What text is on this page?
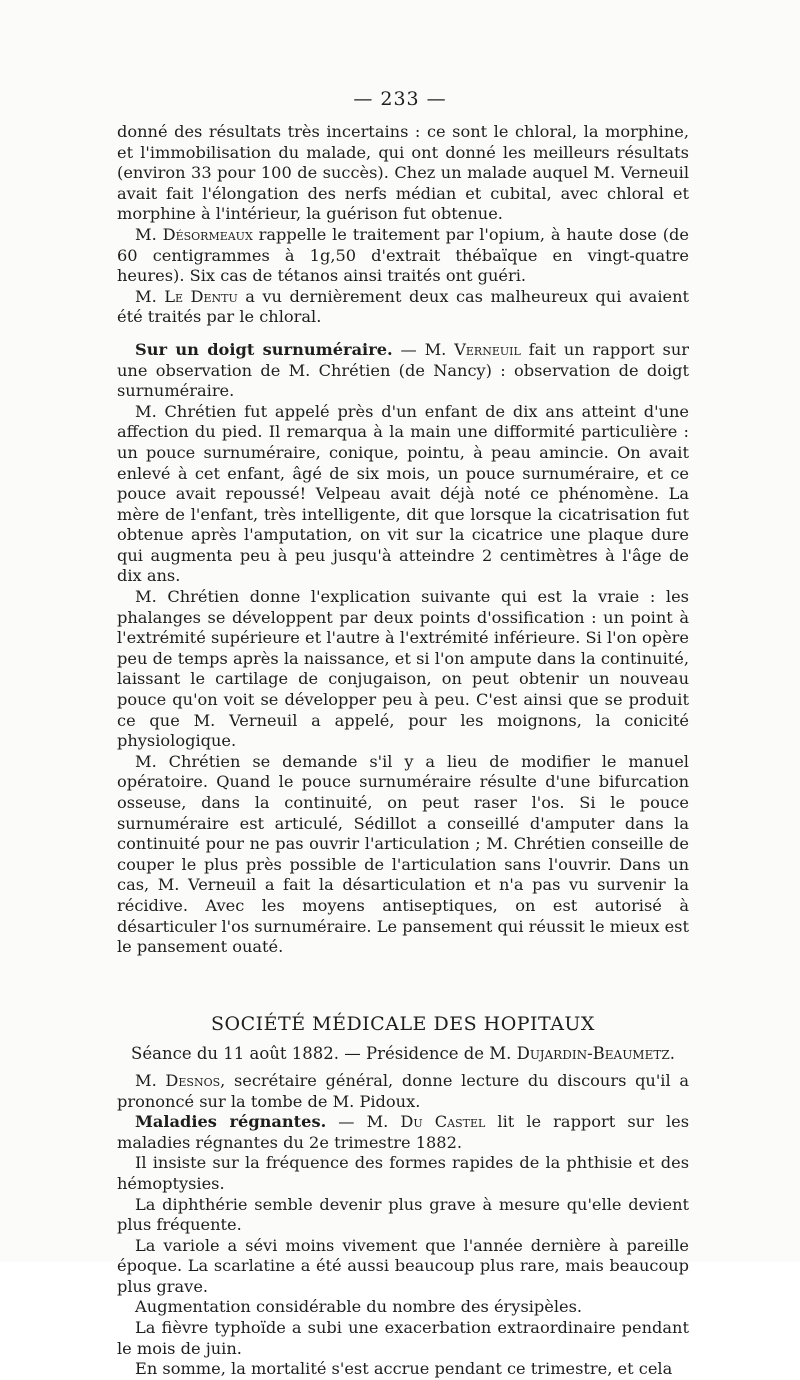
— 233 —

donné des résultats très incertains : ce sont le chloral, la morphine, et l'immobilisation du malade, qui ont donné les meilleurs résultats (environ 33 pour 100 de succès). Chez un malade auquel M. Verneuil avait fait l'élongation des nerfs médian et cubital, avec chloral et morphine à l'intérieur, la guérison fut obtenue.

M. Désormeaux rappelle le traitement par l'opium, à haute dose (de 60 centigrammes à 1g,50 d'extrait thébaïque en vingt-quatre heures). Six cas de tétanos ainsi traités ont guéri.

M. Le Dentu a vu dernièrement deux cas malheureux qui avaient été traités par le chloral.

Sur un doigt surnuméraire. — M. Verneuil fait un rapport sur une observation de M. Chrétien (de Nancy) : observation de doigt surnuméraire.

M. Chrétien fut appelé près d'un enfant de dix ans atteint d'une affection du pied. Il remarqua à la main une difformité particulière : un pouce surnuméraire, conique, pointu, à peau amincie. On avait enlevé à cet enfant, âgé de six mois, un pouce surnuméraire, et ce pouce avait repoussé! Velpeau avait déjà noté ce phénomène. La mère de l'enfant, très intelligente, dit que lorsque la cicatrisation fut obtenue après l'amputation, on vit sur la cicatrice une plaque dure qui augmenta peu à peu jusqu'à atteindre 2 centimètres à l'âge de dix ans.

M. Chrétien donne l'explication suivante qui est la vraie : les phalanges se développent par deux points d'ossification : un point à l'extrémité supérieure et l'autre à l'extrémité inférieure. Si l'on opère peu de temps après la naissance, et si l'on ampute dans la continuité, laissant le cartilage de conjugaison, on peut obtenir un nouveau pouce qu'on voit se développer peu à peu. C'est ainsi que se produit ce que M. Verneuil a appelé, pour les moignons, la conicité physiologique.

M. Chrétien se demande s'il y a lieu de modifier le manuel opératoire. Quand le pouce surnuméraire résulte d'une bifurcation osseuse, dans la continuité, on peut raser l'os. Si le pouce surnuméraire est articulé, Sédillot a conseillé d'amputer dans la continuité pour ne pas ouvrir l'articulation ; M. Chrétien conseille de couper le plus près possible de l'articulation sans l'ouvrir. Dans un cas, M. Verneuil a fait la désarticulation et n'a pas vu survenir la récidive. Avec les moyens antiseptiques, on est autorisé à désarticuler l'os surnuméraire. Le pansement qui réussit le mieux est le pansement ouaté.

SOCIÉTÉ MÉDICALE DES HOPITAUX
Séance du 11 août 1882. — Présidence de M. Dujardin-Beaumetz.

M. Desnos, secrétaire général, donne lecture du discours qu'il a prononcé sur la tombe de M. Pidoux.

Maladies régnantes. — M. Du Castel lit le rapport sur les maladies régnantes du 2e trimestre 1882.

Il insiste sur la fréquence des formes rapides de la phthisie et des hémoptysies.

La diphthérie semble devenir plus grave à mesure qu'elle devient plus fréquente.

La variole a sévi moins vivement que l'année dernière à pareille époque. La scarlatine a été aussi beaucoup plus rare, mais beaucoup plus grave.

Augmentation considérable du nombre des érysipèles.

La fièvre typhoïde a subi une exacerbation extraordinaire pendant le mois de juin.

En somme, la mortalité s'est accrue pendant ce trimestre, et cela
